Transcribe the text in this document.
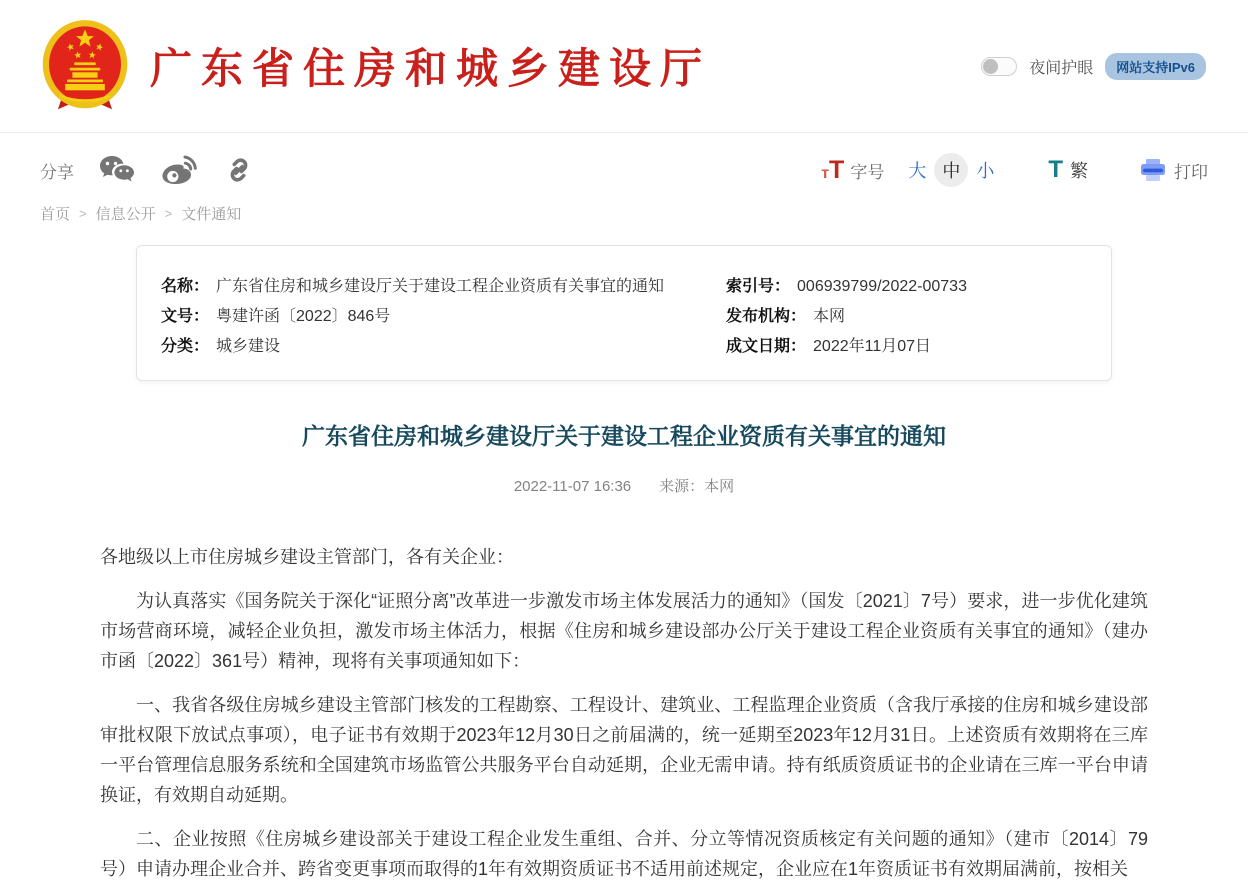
广东省住房和城乡建设厅	夜间护眼	网站支持IPv6
分享	тT 字号	大 中 小	T 繁	打印
首页 > 信息公开 > 文件通知
名称： 广东省住房和城乡建设厅关于建设工程企业资质有关事宜的通知	索引号： 006939799/2022-00733
文号： 粤建许函〔2022〕846号	发布机构： 本网
分类： 城乡建设	成文日期： 2022年11月07日
广东省住房和城乡建设厅关于建设工程企业资质有关事宜的通知
2022-11-07 16:36 来源：本网

各地级以上市住房城乡建设主管部门，各有关企业：

为认真落实《国务院关于深化“证照分离”改革进一步激发市场主体发展活力的通知》（国发〔2021〕7号）要求，进一步优化建筑市场营商环境，减轻企业负担，激发市场主体活力，根据《住房和城乡建设部办公厅关于建设工程企业资质有关事宜的通知》（建办市函〔2022〕361号）精神，现将有关事项通知如下：

一、我省各级住房城乡建设主管部门核发的工程勘察、工程设计、建筑业、工程监理企业资质（含我厅承接的住房和城乡建设部审批权限下放试点事项），电子证书有效期于2023年12月30日之前届满的，统一延期至2023年12月31日。上述资质有效期将在三库一平台管理信息服务系统和全国建筑市场监管公共服务平台自动延期，企业无需申请。持有纸质资质证书的企业请在三库一平台申请换证，有效期自动延期。

二、企业按照《住房城乡建设部关于建设工程企业发生重组、合并、分立等情况资质核定有关问题的通知》（建市〔2014〕79号）申请办理企业合并、跨省变更事项而取得的1年有效期资质证书不适用前述规定，企业应在1年资质证书有效期届满前，按相关
